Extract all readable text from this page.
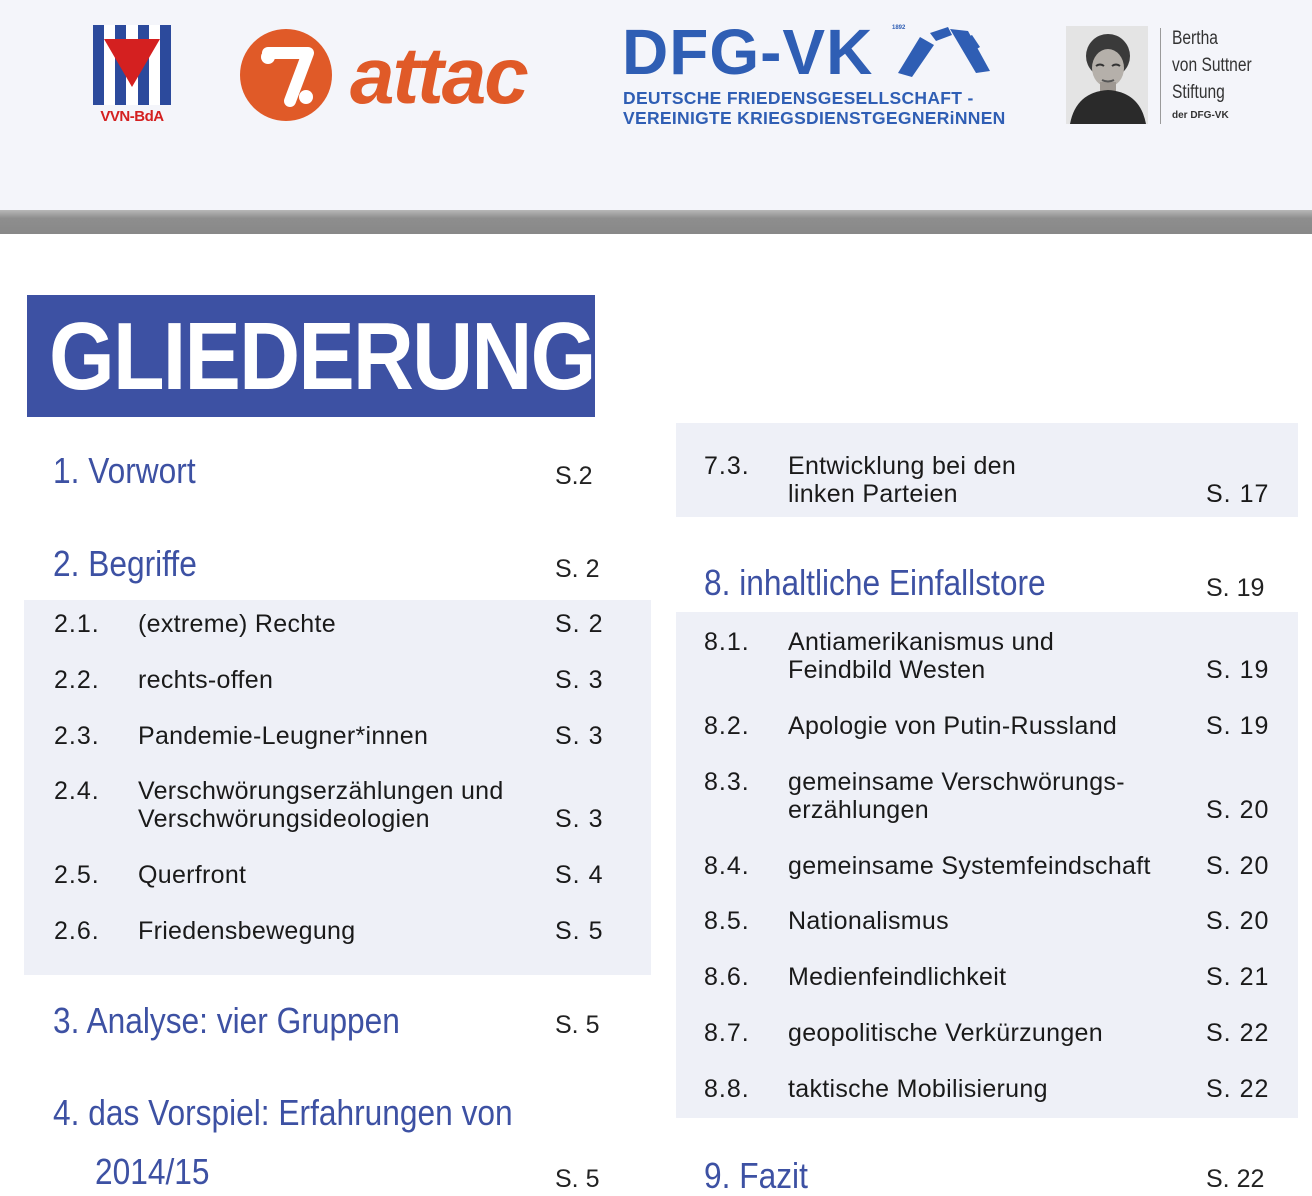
VVN-BdA attac DFG-VK	1892
DEUTSCHE FRIEDENSGESELLSCHAFT -
VEREINIGTE KRIEGSDIENSTGEGNERiNNEN
Bertha
von Suttner
Stiftung
der DFG-VK
GLIEDERUNG
1. Vorwort	S.2
2. Begriffe	S. 2
2.1. (extreme) Rechte	S. 2
2.2. rechts-offen	S. 3
2.3. Pandemie-Leugner*innen	S. 3
2.4. Verschwörungserzählungen und
Verschwörungsideologien	S. 3
2.5. Querfront	S. 4
2.6. Friedensbewegung	S. 5
3. Analyse: vier Gruppen	S. 5
4. das Vorspiel: Erfahrungen von
2014/15	S. 5
7.3. Entwicklung bei den
linken Parteien	S. 17
8. inhaltliche Einfallstore	S. 19
8.1. Antiamerikanismus und
Feindbild Westen	S. 19
8.2. Apologie von Putin-Russland	S. 19
8.3. gemeinsame Verschwörungs-
erzählungen	S. 20
8.4. gemeinsame Systemfeindschaft S. 20
8.5. Nationalismus	S. 20
8.6. Medienfeindlichkeit	S. 21
8.7. geopolitische Verkürzungen	S. 22
8.8. taktische Mobilisierung	S. 22
9. Fazit	S. 22
